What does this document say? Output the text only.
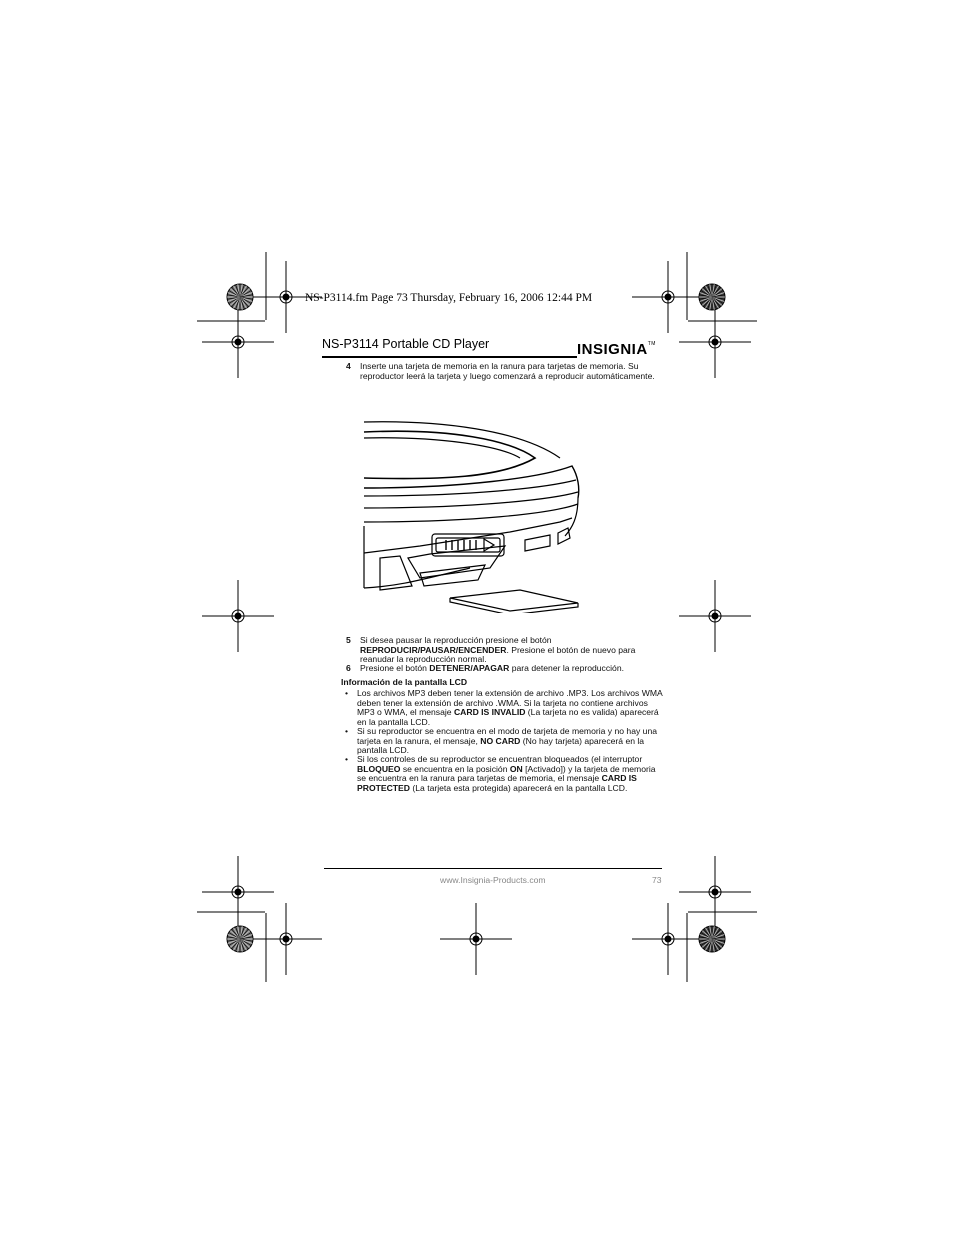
NS-P3114.fm Page 73 Thursday, February 16, 2006 12:44 PM
NS-P3114 Portable CD Player	INSIGNIA™
4 Inserte una tarjeta de memoria en la ranura para tarjetas de memoria. Su reproductor leerá la tarjeta y luego comenzará a reproducir automáticamente.
5 Si desea pausar la reproducción presione el botón
REPRODUCIR/PAUSAR/ENCENDER. Presione el botón de nuevo para reanudar la reproducción normal.
6 Presione el botón DETENER/APAGAR para detener la reproducción.
Información de la pantalla LCD
• Los archivos MP3 deben tener la extensión de archivo .MP3. Los archivos WMA deben tener la extensión de archivo .WMA. Si la tarjeta no contiene archivos MP3 o WMA, el mensaje CARD IS INVALID (La tarjeta no es valida) aparecerá en la pantalla LCD.
• Si su reproductor se encuentra en el modo de tarjeta de memoria y no hay una tarjeta en la ranura, el mensaje, NO CARD (No hay tarjeta) aparecerá en la pantalla LCD.
• Si los controles de su reproductor se encuentran bloqueados (el interruptor BLOQUEO se encuentra en la posición ON [Activado]) y la tarjeta de memoria se encuentra en la ranura para tarjetas de memoria, el mensaje CARD IS PROTECTED (La tarjeta esta protegida) aparecerá en la pantalla LCD.
www.Insignia-Products.com	73
